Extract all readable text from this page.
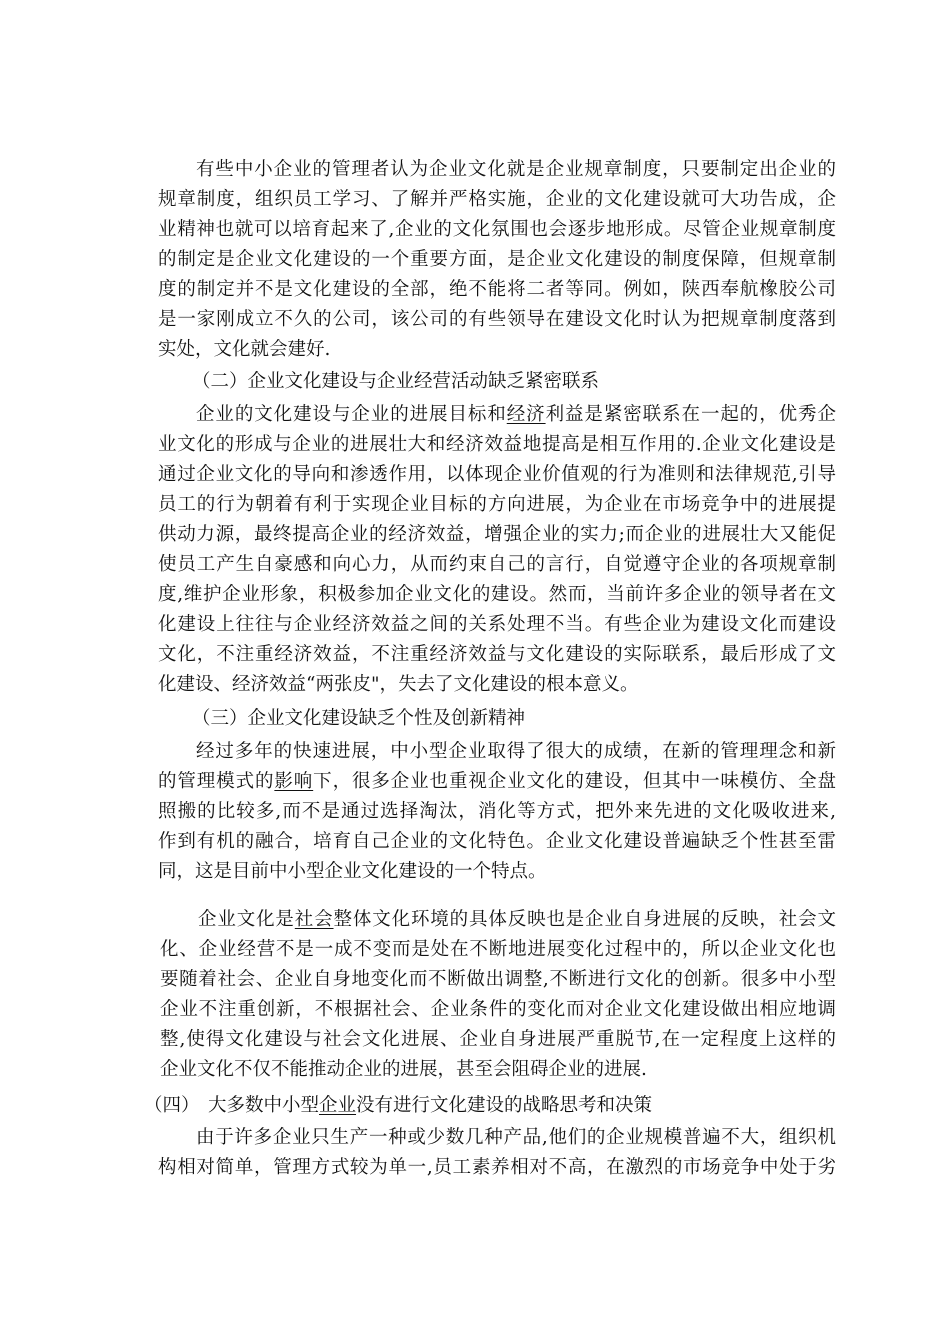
有些中小企业的管理者认为企业文化就是企业规章制度，只要制定出企业的
规章制度，组织员工学习、了解并严格实施，企业的文化建设就可大功告成，企
业精神也就可以培育起来了,企业的文化氛围也会逐步地形成。尽管企业规章制度
的制定是企业文化建设的一个重要方面，是企业文化建设的制度保障，但规章制
度的制定并不是文化建设的全部，绝不能将二者等同。例如，陕西奉航橡胶公司
是一家刚成立不久的公司，该公司的有些领导在建设文化时认为把规章制度落到
实处，文化就会建好.
（二）企业文化建设与企业经营活动缺乏紧密联系
企业的文化建设与企业的进展目标和经济利益是紧密联系在一起的，优秀企
业文化的形成与企业的进展壮大和经济效益地提高是相互作用的.企业文化建设是
通过企业文化的导向和渗透作用，以体现企业价值观的行为准则和法律规范,引导
员工的行为朝着有利于实现企业目标的方向进展，为企业在市场竞争中的进展提
供动力源，最终提高企业的经济效益，增强企业的实力;而企业的进展壮大又能促
使员工产生自豪感和向心力，从而约束自己的言行，自觉遵守企业的各项规章制
度,维护企业形象，积极参加企业文化的建设。然而，当前许多企业的领导者在文
化建设上往往与企业经济效益之间的关系处理不当。有些企业为建设文化而建设
文化，不注重经济效益，不注重经济效益与文化建设的实际联系，最后形成了文
化建设、经济效益“两张皮"，失去了文化建设的根本意义。
（三）企业文化建设缺乏个性及创新精神
经过多年的快速进展，中小型企业取得了很大的成绩，在新的管理理念和新
的管理模式的影响下，很多企业也重视企业文化的建设，但其中一味模仿、全盘
照搬的比较多,而不是通过选择淘汰，消化等方式，把外来先进的文化吸收进来,
作到有机的融合，培育自己企业的文化特色。企业文化建设普遍缺乏个性甚至雷
同，这是目前中小型企业文化建设的一个特点。
企业文化是社会整体文化环境的具体反映也是企业自身进展的反映，社会文
化、企业经营不是一成不变而是处在不断地进展变化过程中的，所以企业文化也
要随着社会、企业自身地变化而不断做出调整,不断进行文化的创新。很多中小型
企业不注重创新，不根据社会、企业条件的变化而对企业文化建设做出相应地调
整,使得文化建设与社会文化进展、企业自身进展严重脱节,在一定程度上这样的
企业文化不仅不能推动企业的进展，甚至会阻碍企业的进展.
（四） 大多数中小型企业没有进行文化建设的战略思考和决策
由于许多企业只生产一种或少数几种产品,他们的企业规模普遍不大，组织机
构相对简单，管理方式较为单一,员工素养相对不高，在激烈的市场竞争中处于劣
